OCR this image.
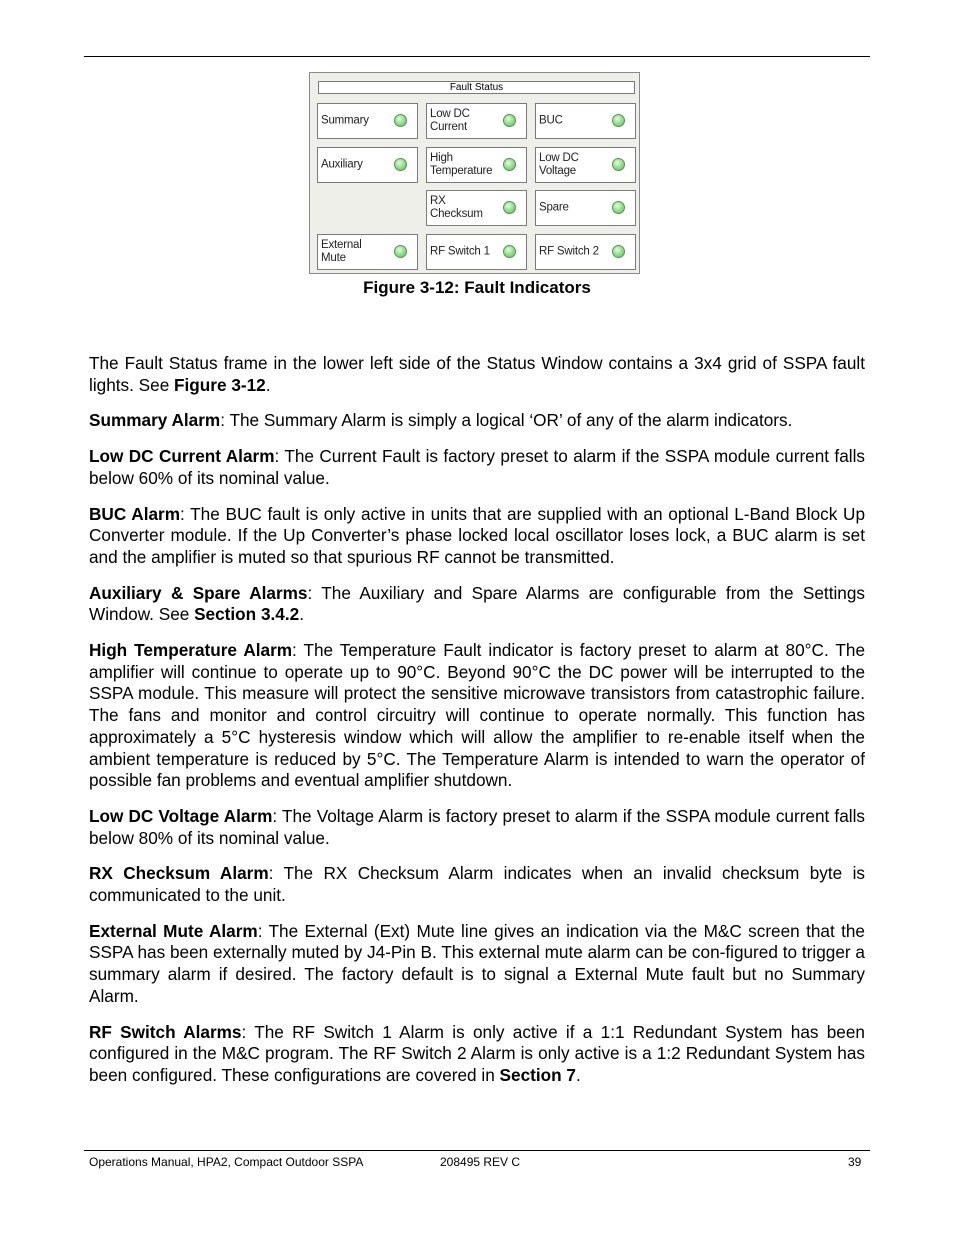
Fault Status
Summary
Low DC
Current
BUC
Auxiliary
High
Temperature
Low DC
Voltage
RX
Checksum
Spare
External
Mute
RF Switch 1	RF Switch 2
Figure 3-12: Fault Indicators

The Fault Status frame in the lower left side of the Status Window contains a 3x4 grid of SSPA fault lights. See Figure 3-12.

Summary Alarm: The Summary Alarm is simply a logical ‘OR’ of any of the alarm indicators.

Low DC Current Alarm: The Current Fault is factory preset to alarm if the SSPA module current falls below 60% of its nominal value.

BUC Alarm: The BUC fault is only active in units that are supplied with an optional L-Band Block Up Converter module. If the Up Converter’s phase locked local oscillator loses lock, a BUC alarm is set and the amplifier is muted so that spurious RF cannot be transmitted.

Auxiliary & Spare Alarms: The Auxiliary and Spare Alarms are configurable from the Settings Window. See Section 3.4.2.

High Temperature Alarm: The Temperature Fault indicator is factory preset to alarm at 80°C. The amplifier will continue to operate up to 90°C. Beyond 90°C the DC power will be interrupted to the SSPA module. This measure will protect the sensitive microwave transistors from catastrophic failure. The fans and monitor and control circuitry will continue to operate normally. This function has approximately a 5°C hysteresis window which will allow the amplifier to re-enable itself when the ambient temperature is reduced by 5°C. The Temperature Alarm is intended to warn the operator of possible fan problems and eventual amplifier shutdown.

Low DC Voltage Alarm: The Voltage Alarm is factory preset to alarm if the SSPA module current falls below 80% of its nominal value.

RX Checksum Alarm: The RX Checksum Alarm indicates when an invalid checksum byte is communicated to the unit.

External Mute Alarm: The External (Ext) Mute line gives an indication via the M&C screen that the SSPA has been externally muted by J4-Pin B. This external mute alarm can be con-figured to trigger a summary alarm if desired. The factory default is to signal a External Mute fault but no Summary Alarm.

RF Switch Alarms: The RF Switch 1 Alarm is only active if a 1:1 Redundant System has been configured in the M&C program. The RF Switch 2 Alarm is only active is a 1:2 Redundant System has been configured. These configurations are covered in Section 7.

Operations Manual, HPA2, Compact Outdoor SSPA	208495 REV C	39
